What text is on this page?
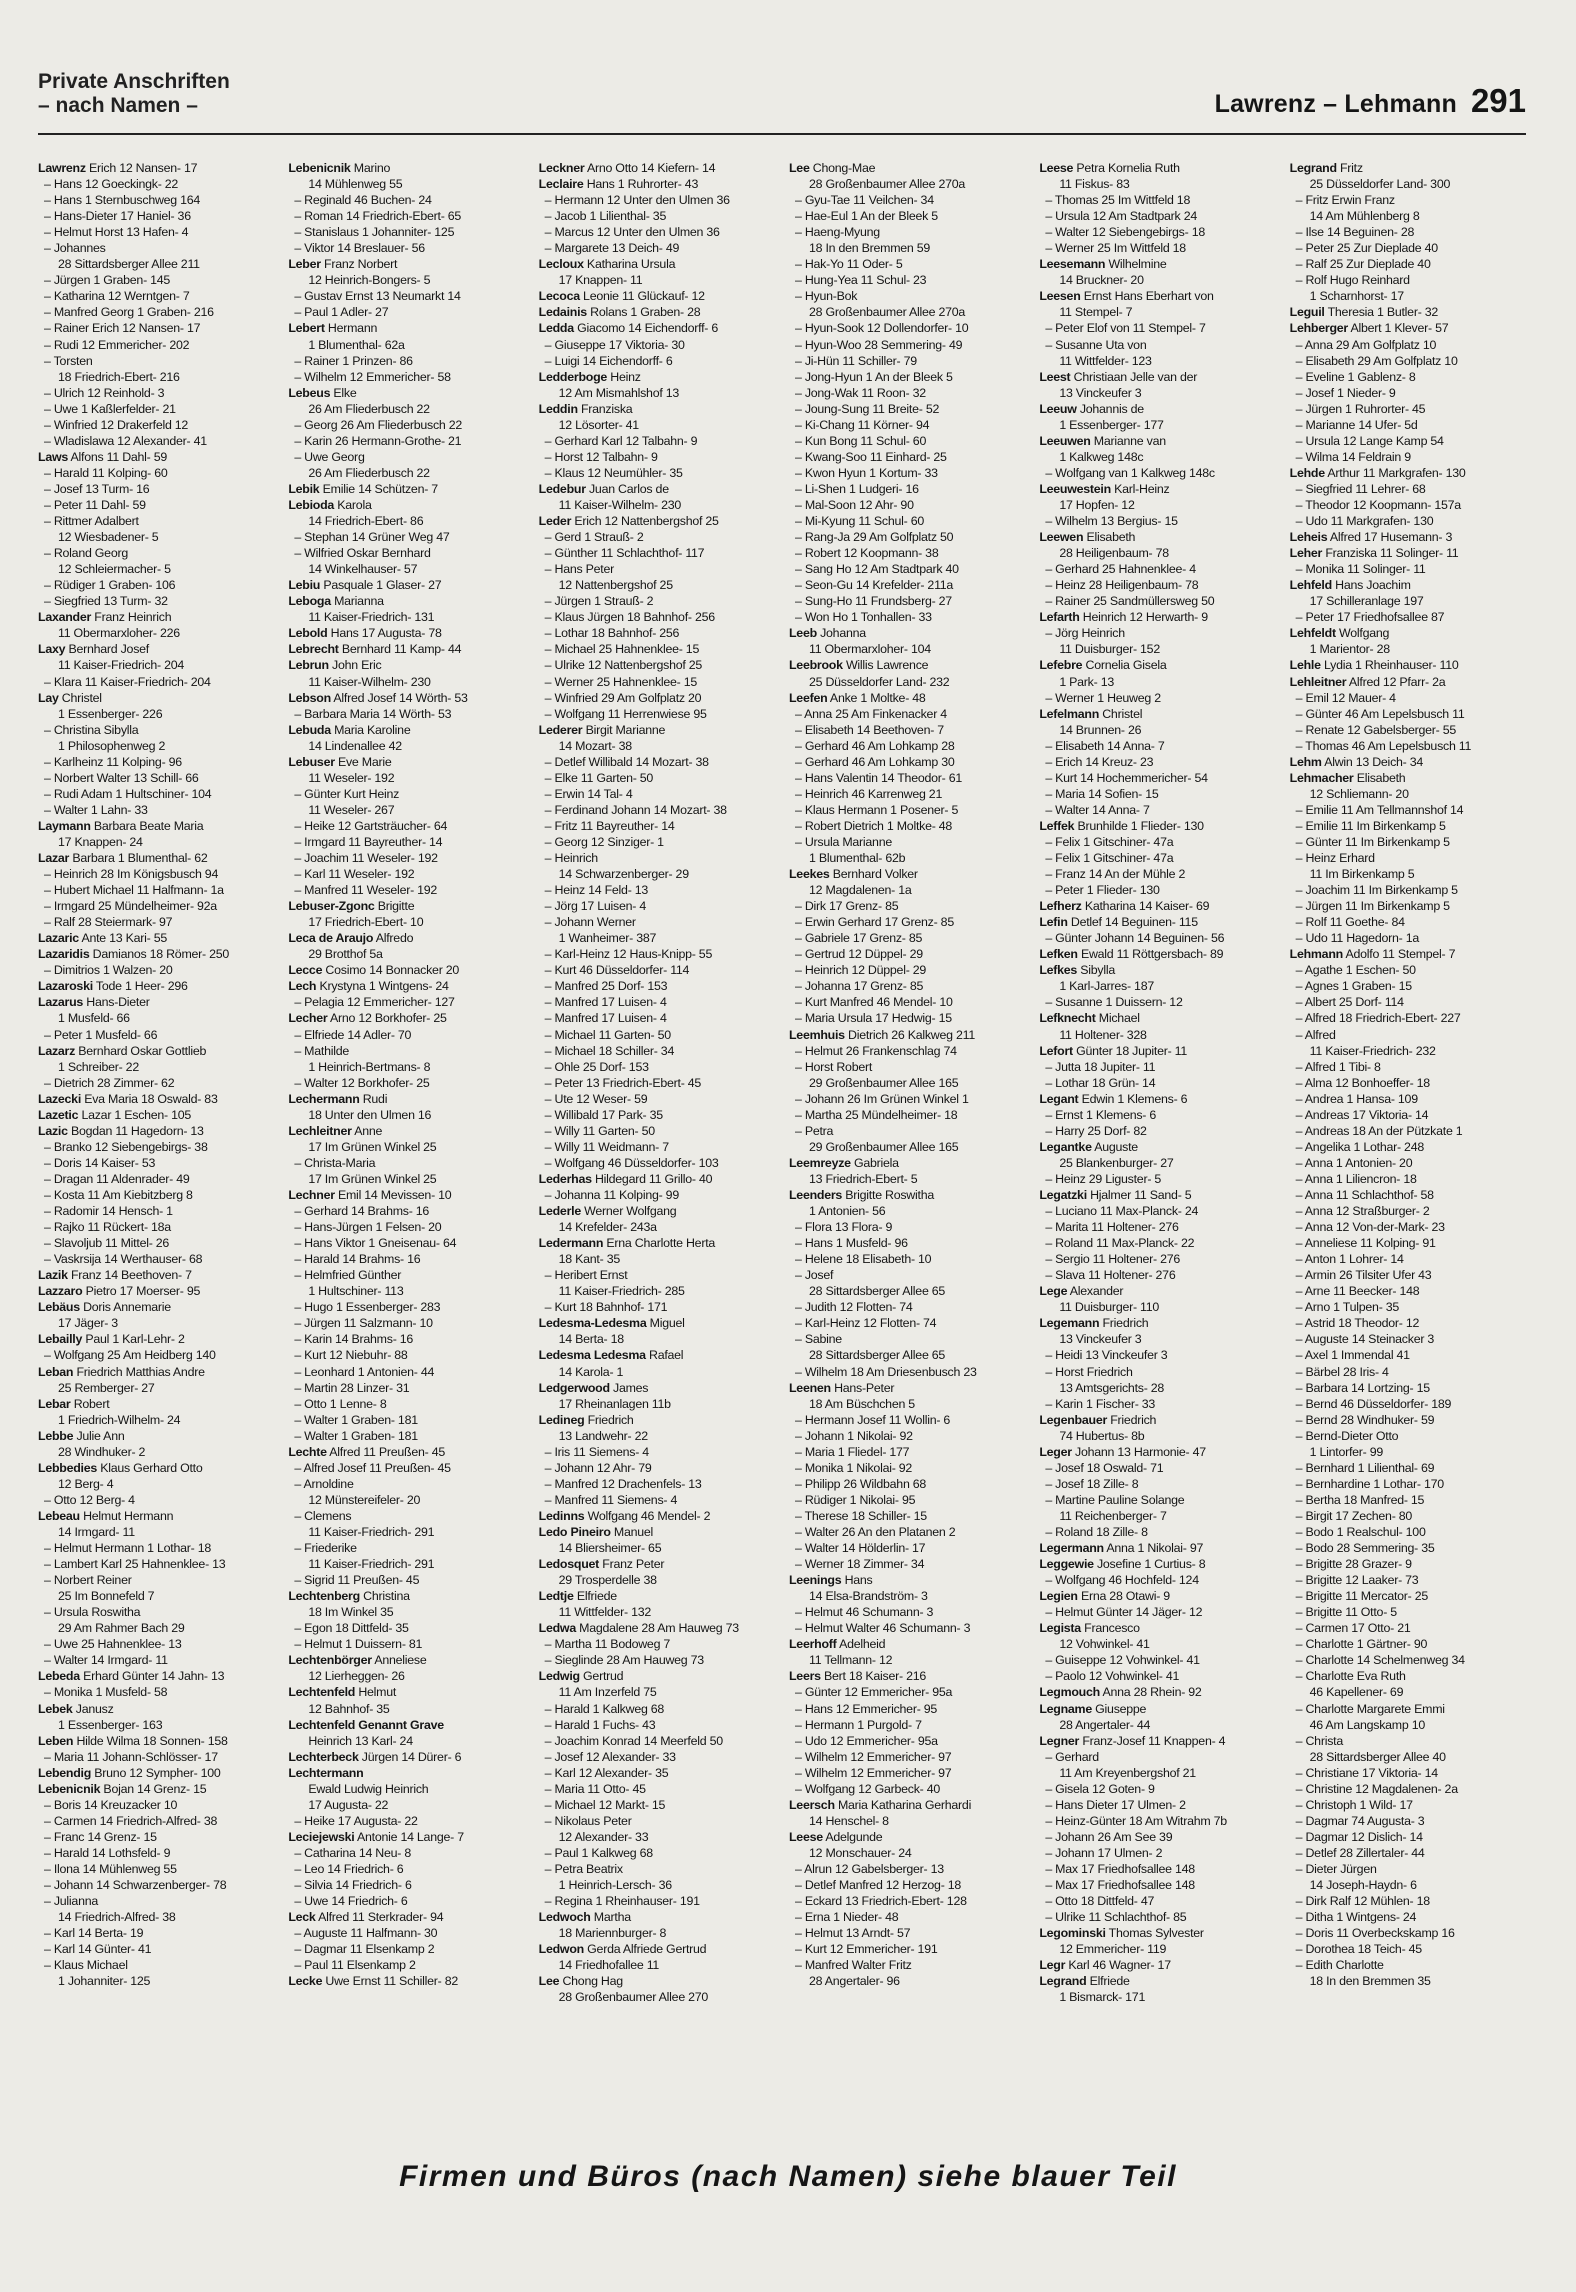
Private Anschriften
– nach Namen –	Lawrenz – Lehmann 291
Lawrenz Erich 12 Nansen- 17
– Hans 12 Goeckingk- 22
– Hans 1 Sternbuschweg 164
– Hans-Dieter 17 Haniel- 36
– Helmut Horst 13 Hafen- 4
– Johannes
28 Sittardsberger Allee 211
– Jürgen 1 Graben- 145
– Katharina 12 Werntgen- 7
– Manfred Georg 1 Graben- 216
– Rainer Erich 12 Nansen- 17
– Rudi 12 Emmericher- 202
– Torsten
18 Friedrich-Ebert- 216
– Ulrich 12 Reinhold- 3
– Uwe 1 Kaßlerfelder- 21
– Winfried 12 Drakerfeld 12
– Wladislawa 12 Alexander- 41
Laws Alfons 11 Dahl- 59
– Harald 11 Kolping- 60
– Josef 13 Turm- 16
– Peter 11 Dahl- 59
– Rittmer Adalbert
12 Wiesbadener- 5
– Roland Georg
12 Schleiermacher- 5
– Rüdiger 1 Graben- 106
– Siegfried 13 Turm- 32
Laxander Franz Heinrich
11 Obermarxloher- 226
Laxy Bernhard Josef
11 Kaiser-Friedrich- 204
– Klara 11 Kaiser-Friedrich- 204
Lay Christel
1 Essenberger- 226
– Christina Sibylla
1 Philosophenweg 2
– Karlheinz 11 Kolping- 96
– Norbert Walter 13 Schill- 66
– Rudi Adam 1 Hultschiner- 104
– Walter 1 Lahn- 33
Laymann Barbara Beate Maria
17 Knappen- 24
Lazar Barbara 1 Blumenthal- 62
– Heinrich 28 Im Königsbusch 94
– Hubert Michael 11 Halfmann- 1a
– Irmgard 25 Mündelheimer- 92a
– Ralf 28 Steiermark- 97
Lazaric Ante 13 Kari- 55
Lazaridis Damianos 18 Römer- 250
– Dimitrios 1 Walzen- 20
Lazaroski Tode 1 Heer- 296
Lazarus Hans-Dieter
1 Musfeld- 66
– Peter 1 Musfeld- 66
Lazarz Bernhard Oskar Gottlieb
1 Schreiber- 22
– Dietrich 28 Zimmer- 62
Lazecki Eva Maria 18 Oswald- 83
Lazetic Lazar 1 Eschen- 105
Lazic Bogdan 11 Hagedorn- 13
– Branko 12 Siebengebirgs- 38
– Doris 14 Kaiser- 53
– Dragan 11 Aldenrader- 49
– Kosta 11 Am Kiebitzberg 8
– Radomir 14 Hensch- 1
– Rajko 11 Rückert- 18a
– Slavoljub 11 Mittel- 26
– Vaskrsija 14 Werthauser- 68
Lazik Franz 14 Beethoven- 7
Lazzaro Pietro 17 Moerser- 95
Lebäus Doris Annemarie
17 Jäger- 3
Lebailly Paul 1 Karl-Lehr- 2
– Wolfgang 25 Am Heidberg 140
Leban Friedrich Matthias Andre
25 Remberger- 27
Lebar Robert
1 Friedrich-Wilhelm- 24
Lebbe Julie Ann
28 Windhuker- 2
Lebbedies Klaus Gerhard Otto
12 Berg- 4
– Otto 12 Berg- 4
Lebeau Helmut Hermann
14 Irmgard- 11
– Helmut Hermann 1 Lothar- 18
– Lambert Karl 25 Hahnenklee- 13
– Norbert Reiner
25 Im Bonnefeld 7
– Ursula Roswitha
29 Am Rahmer Bach 29
– Uwe 25 Hahnenklee- 13
– Walter 14 Irmgard- 11
Lebeda Erhard Günter 14 Jahn- 13
– Monika 1 Musfeld- 58
Lebek Janusz
1 Essenberger- 163
Leben Hilde Wilma 18 Sonnen- 158
– Maria 11 Johann-Schlösser- 17
Lebendig Bruno 12 Sympher- 100
Lebenicnik Bojan 14 Grenz- 15
– Boris 14 Kreuzacker 10
– Carmen 14 Friedrich-Alfred- 38
– Franc 14 Grenz- 15
– Harald 14 Lothsfeld- 9
– Ilona 14 Mühlenweg 55
– Johann 14 Schwarzenberger- 78
– Julianna
14 Friedrich-Alfred- 38
– Karl 14 Berta- 19
– Karl 14 Günter- 41
– Klaus Michael
1 Johanniter- 125
Lebenicnik Marino
14 Mühlenweg 55
– Reginald 46 Buchen- 24
– Roman 14 Friedrich-Ebert- 65
– Stanislaus 1 Johanniter- 125
– Viktor 14 Breslauer- 56
Leber Franz Norbert
12 Heinrich-Bongers- 5
– Gustav Ernst 13 Neumarkt 14
– Paul 1 Adler- 27
Lebert Hermann
1 Blumenthal- 62a
– Rainer 1 Prinzen- 86
– Wilhelm 12 Emmericher- 58
Lebeus Elke
26 Am Fliederbusch 22
– Georg 26 Am Fliederbusch 22
– Karin 26 Hermann-Grothe- 21
– Uwe Georg
26 Am Fliederbusch 22
Lebik Emilie 14 Schützen- 7
Lebioda Karola
14 Friedrich-Ebert- 86
– Stephan 14 Grüner Weg 47
– Wilfried Oskar Bernhard
14 Winkelhauser- 57
Lebiu Pasquale 1 Glaser- 27
Leboga Marianna
11 Kaiser-Friedrich- 131
Lebold Hans 17 Augusta- 78
Lebrecht Bernhard 11 Kamp- 44
Lebrun John Eric
11 Kaiser-Wilhelm- 230
Lebson Alfred Josef 14 Wörth- 53
– Barbara Maria 14 Wörth- 53
Lebuda Maria Karoline
14 Lindenallee 42
Lebuser Eve Marie
11 Weseler- 192
– Günter Kurt Heinz
11 Weseler- 267
– Heike 12 Gartsträucher- 64
– Irmgard 11 Bayreuther- 14
– Joachim 11 Weseler- 192
– Karl 11 Weseler- 192
– Manfred 11 Weseler- 192
Lebuser-Zgonc Brigitte
17 Friedrich-Ebert- 10
Leca de Araujo Alfredo
29 Brotthof 5a
Lecce Cosimo 14 Bonnacker 20
Lech Krystyna 1 Wintgens- 24
– Pelagia 12 Emmericher- 127
Lecher Arno 12 Borkhofer- 25
– Elfriede 14 Adler- 70
– Mathilde
1 Heinrich-Bertmans- 8
– Walter 12 Borkhofer- 25
Lechermann Rudi
18 Unter den Ulmen 16
Lechleitner Anne
17 Im Grünen Winkel 25
– Christa-Maria
17 Im Grünen Winkel 25
Lechner Emil 14 Mevissen- 10
– Gerhard 14 Brahms- 16
– Hans-Jürgen 1 Felsen- 20
– Hans Viktor 1 Gneisenau- 64
– Harald 14 Brahms- 16
– Helmfried Günther
1 Hultschiner- 113
– Hugo 1 Essenberger- 283
– Jürgen 11 Salzmann- 10
– Karin 14 Brahms- 16
– Kurt 12 Niebuhr- 88
– Leonhard 1 Antonien- 44
– Martin 28 Linzer- 31
– Otto 1 Lenne- 8
– Walter 1 Graben- 181
– Walter 1 Graben- 181
Lechte Alfred 11 Preußen- 45
– Alfred Josef 11 Preußen- 45
– Arnoldine
12 Münstereifeler- 20
– Clemens
11 Kaiser-Friedrich- 291
– Friederike
11 Kaiser-Friedrich- 291
– Sigrid 11 Preußen- 45
Lechtenberg Christina
18 Im Winkel 35
– Egon 18 Dittfeld- 35
– Helmut 1 Duissern- 81
Lechtenbörger Anneliese
12 Lierheggen- 26
Lechtenfeld Helmut
12 Bahnhof- 35
Lechtenfeld Genannt Grave
Heinrich 13 Karl- 24
Lechterbeck Jürgen 14 Dürer- 6
Lechtermann
Ewald Ludwig Heinrich
17 Augusta- 22
– Heike 17 Augusta- 22
Leciejewski Antonie 14 Lange- 7
– Catharina 14 Neu- 8
– Leo 14 Friedrich- 6
– Silvia 14 Friedrich- 6
– Uwe 14 Friedrich- 6
Leck Alfred 11 Sterkrader- 94
– Auguste 11 Halfmann- 30
– Dagmar 11 Elsenkamp 2
– Paul 11 Elsenkamp 2
Lecke Uwe Ernst 11 Schiller- 82
Leckner Arno Otto 14 Kiefern- 14
Leclaire Hans 1 Ruhrorter- 43
– Hermann 12 Unter den Ulmen 36
– Jacob 1 Lilienthal- 35
– Marcus 12 Unter den Ulmen 36
– Margarete 13 Deich- 49
Lecloux Katharina Ursula
17 Knappen- 11
Lecoca Leonie 11 Glückauf- 12
Ledainis Rolans 1 Graben- 28
Ledda Giacomo 14 Eichendorff- 6
– Giuseppe 17 Viktoria- 30
– Luigi 14 Eichendorff- 6
Ledderboge Heinz
12 Am Mismahlshof 13
Leddin Franziska
12 Lösorter- 41
– Gerhard Karl 12 Talbahn- 9
– Horst 12 Talbahn- 9
– Klaus 12 Neumühler- 35
Ledebur Juan Carlos de
11 Kaiser-Wilhelm- 230
Leder Erich 12 Nattenbergshof 25
– Gerd 1 Strauß- 2
– Günther 11 Schlachthof- 117
– Hans Peter
12 Nattenbergshof 25
– Jürgen 1 Strauß- 2
– Klaus Jürgen 18 Bahnhof- 256
– Lothar 18 Bahnhof- 256
– Michael 25 Hahnenklee- 15
– Ulrike 12 Nattenbergshof 25
– Werner 25 Hahnenklee- 15
– Winfried 29 Am Golfplatz 20
– Wolfgang 11 Herrenwiese 95
Lederer Birgit Marianne
14 Mozart- 38
– Detlef Willibald 14 Mozart- 38
– Elke 11 Garten- 50
– Erwin 14 Tal- 4
– Ferdinand Johann 14 Mozart- 38
– Fritz 11 Bayreuther- 14
– Georg 12 Sinziger- 1
– Heinrich
14 Schwarzenberger- 29
– Heinz 14 Feld- 13
– Jörg 17 Luisen- 4
– Johann Werner
1 Wanheimer- 387
– Karl-Heinz 12 Haus-Knipp- 55
– Kurt 46 Düsseldorfer- 114
– Manfred 25 Dorf- 153
– Manfred 17 Luisen- 4
– Manfred 17 Luisen- 4
– Michael 11 Garten- 50
– Michael 18 Schiller- 34
– Ohle 25 Dorf- 153
– Peter 13 Friedrich-Ebert- 45
– Ute 12 Weser- 59
– Willibald 17 Park- 35
– Willy 11 Garten- 50
– Willy 11 Weidmann- 7
– Wolfgang 46 Düsseldorfer- 103
Lederhas Hildegard 11 Grillo- 40
– Johanna 11 Kolping- 99
Lederle Werner Wolfgang
14 Krefelder- 243a
Ledermann Erna Charlotte Herta
18 Kant- 35
– Heribert Ernst
11 Kaiser-Friedrich- 285
– Kurt 18 Bahnhof- 171
Ledesma-Ledesma Miguel
14 Berta- 18
Ledesma Ledesma Rafael
14 Karola- 1
Ledgerwood James
17 Rheinanlagen 11b
Ledineg Friedrich
13 Landwehr- 22
– Iris 11 Siemens- 4
– Johann 12 Ahr- 79
– Manfred 12 Drachenfels- 13
– Manfred 11 Siemens- 4
Ledinns Wolfgang 46 Mendel- 2
Ledo Pineiro Manuel
14 Bliersheimer- 65
Ledosquet Franz Peter
29 Trosperdelle 38
Ledtje Elfriede
11 Wittfelder- 132
Ledwa Magdalene 28 Am Hauweg 73
– Martha 11 Bodoweg 7
– Sieglinde 28 Am Hauweg 73
Ledwig Gertrud
11 Am Inzerfeld 75
– Harald 1 Kalkweg 68
– Harald 1 Fuchs- 43
– Joachim Konrad 14 Meerfeld 50
– Josef 12 Alexander- 33
– Karl 12 Alexander- 35
– Maria 11 Otto- 45
– Michael 12 Markt- 15
– Nikolaus Peter
12 Alexander- 33
– Paul 1 Kalkweg 68
– Petra Beatrix
1 Heinrich-Lersch- 36
– Regina 1 Rheinhauser- 191
Ledwoch Martha
18 Mariennburger- 8
Ledwon Gerda Alfriede Gertrud
14 Friedhofallee 11
Lee Chong Hag
28 Großenbaumer Allee 270
Lee Chong-Mae
28 Großenbaumer Allee 270a
– Gyu-Tae 11 Veilchen- 34
– Hae-Eul 1 An der Bleek 5
– Haeng-Myung
18 In den Bremmen 59
– Hak-Yo 11 Oder- 5
– Hung-Yea 11 Schul- 23
– Hyun-Bok
28 Großenbaumer Allee 270a
– Hyun-Sook 12 Dollendorfer- 10
– Hyun-Woo 28 Semmering- 49
– Ji-Hün 11 Schiller- 79
– Jong-Hyun 1 An der Bleek 5
– Jong-Wak 11 Roon- 32
– Joung-Sung 11 Breite- 52
– Ki-Chang 11 Körner- 94
– Kun Bong 11 Schul- 60
– Kwang-Soo 11 Einhard- 25
– Kwon Hyun 1 Kortum- 33
– Li-Shen 1 Ludgeri- 16
– Mal-Soon 12 Ahr- 90
– Mi-Kyung 11 Schul- 60
– Rang-Ja 29 Am Golfplatz 50
– Robert 12 Koopmann- 38
– Sang Ho 12 Am Stadtpark 40
– Seon-Gu 14 Krefelder- 211a
– Sung-Ho 11 Frundsberg- 27
– Won Ho 1 Tonhallen- 33
Leeb Johanna
11 Obermarxloher- 104
Leebrook Willis Lawrence
25 Düsseldorfer Land- 232
Leefen Anke 1 Moltke- 48
– Anna 25 Am Finkenacker 4
– Elisabeth 14 Beethoven- 7
– Gerhard 46 Am Lohkamp 28
– Gerhard 46 Am Lohkamp 30
– Hans Valentin 14 Theodor- 61
– Heinrich 46 Karrenweg 21
– Klaus Hermann 1 Posener- 5
– Robert Dietrich 1 Moltke- 48
– Ursula Marianne
1 Blumenthal- 62b
Leekes Bernhard Volker
12 Magdalenen- 1a
– Dirk 17 Grenz- 85
– Erwin Gerhard 17 Grenz- 85
– Gabriele 17 Grenz- 85
– Gertrud 12 Düppel- 29
– Heinrich 12 Düppel- 29
– Johanna 17 Grenz- 85
– Kurt Manfred 46 Mendel- 10
– Maria Ursula 17 Hedwig- 15
Leemhuis Dietrich 26 Kalkweg 211
– Helmut 26 Frankenschlag 74
– Horst Robert
29 Großenbaumer Allee 165
– Johann 26 Im Grünen Winkel 1
– Martha 25 Mündelheimer- 18
– Petra
29 Großenbaumer Allee 165
Leemreyze Gabriela
13 Friedrich-Ebert- 5
Leenders Brigitte Roswitha
1 Antonien- 56
– Flora 13 Flora- 9
– Hans 1 Musfeld- 96
– Helene 18 Elisabeth- 10
– Josef
28 Sittardsberger Allee 65
– Judith 12 Flotten- 74
– Karl-Heinz 12 Flotten- 74
– Sabine
28 Sittardsberger Allee 65
– Wilhelm 18 Am Driesenbusch 23
Leenen Hans-Peter
18 Am Büschchen 5
– Hermann Josef 11 Wollin- 6
– Johann 1 Nikolai- 92
– Maria 1 Fliedel- 177
– Monika 1 Nikolai- 92
– Philipp 26 Wildbahn 68
– Rüdiger 1 Nikolai- 95
– Therese 18 Schiller- 15
– Walter 26 An den Platanen 2
– Walter 14 Hölderlin- 17
– Werner 18 Zimmer- 34
Leenings Hans
14 Elsa-Brandström- 3
– Helmut 46 Schumann- 3
– Helmut Walter 46 Schumann- 3
Leerhoff Adelheid
11 Tellmann- 12
Leers Bert 18 Kaiser- 216
– Günter 12 Emmericher- 95a
– Hans 12 Emmericher- 95
– Hermann 1 Purgold- 7
– Udo 12 Emmericher- 95a
– Wilhelm 12 Emmericher- 97
– Wilhelm 12 Emmericher- 97
– Wolfgang 12 Garbeck- 40
Leersch Maria Katharina Gerhardi
14 Henschel- 8
Leese Adelgunde
12 Monschauer- 24
– Alrun 12 Gabelsberger- 13
– Detlef Manfred 12 Herzog- 18
– Eckard 13 Friedrich-Ebert- 128
– Erna 1 Nieder- 48
– Helmut 13 Arndt- 57
– Kurt 12 Emmericher- 191
– Manfred Walter Fritz
28 Angertaler- 96
Leese Petra Kornelia Ruth
11 Fiskus- 83
– Thomas 25 Im Wittfeld 18
– Ursula 12 Am Stadtpark 24
– Walter 12 Siebengebirgs- 18
– Werner 25 Im Wittfeld 18
Leesemann Wilhelmine
14 Bruckner- 20
Leesen Ernst Hans Eberhart von
11 Stempel- 7
– Peter Elof von 11 Stempel- 7
– Susanne Uta von
11 Wittfelder- 123
Leest Christiaan Jelle van der
13 Vinckeufer 3
Leeuw Johannis de
1 Essenberger- 177
Leeuwen Marianne van
1 Kalkweg 148c
– Wolfgang van 1 Kalkweg 148c
Leeuwestein Karl-Heinz
17 Hopfen- 12
– Wilhelm 13 Bergius- 15
Leewen Elisabeth
28 Heiligenbaum- 78
– Gerhard 25 Hahnenklee- 4
– Heinz 28 Heiligenbaum- 78
– Rainer 25 Sandmüllersweg 50
Lefarth Heinrich 12 Herwarth- 9
– Jörg Heinrich
11 Duisburger- 152
Lefebre Cornelia Gisela
1 Park- 13
– Werner 1 Heuweg 2
Lefelmann Christel
14 Brunnen- 26
– Elisabeth 14 Anna- 7
– Erich 14 Kreuz- 23
– Kurt 14 Hochemmericher- 54
– Maria 14 Sofien- 15
– Walter 14 Anna- 7
Leffek Brunhilde 1 Flieder- 130
– Felix 1 Gitschiner- 47a
– Felix 1 Gitschiner- 47a
– Franz 14 An der Mühle 2
– Peter 1 Flieder- 130
Lefherz Katharina 14 Kaiser- 69
Lefin Detlef 14 Beguinen- 115
– Günter Johann 14 Beguinen- 56
Lefken Ewald 11 Röttgersbach- 89
Lefkes Sibylla
1 Karl-Jarres- 187
– Susanne 1 Duissern- 12
Lefknecht Michael
11 Holtener- 328
Lefort Günter 18 Jupiter- 11
– Jutta 18 Jupiter- 11
– Lothar 18 Grün- 14
Legant Edwin 1 Klemens- 6
– Ernst 1 Klemens- 6
– Harry 25 Dorf- 82
Legantke Auguste
25 Blankenburger- 27
– Heinz 29 Liguster- 5
Legatzki Hjalmer 11 Sand- 5
– Luciano 11 Max-Planck- 24
– Marita 11 Holtener- 276
– Roland 11 Max-Planck- 22
– Sergio 11 Holtener- 276
– Slava 11 Holtener- 276
Lege Alexander
11 Duisburger- 110
Legemann Friedrich
13 Vinckeufer 3
– Heidi 13 Vinckeufer 3
– Horst Friedrich
13 Amtsgerichts- 28
– Karin 1 Fischer- 33
Legenbauer Friedrich
74 Hubertus- 8b
Leger Johann 13 Harmonie- 47
– Josef 18 Oswald- 71
– Josef 18 Zille- 8
– Martine Pauline Solange
11 Reichenberger- 7
– Roland 18 Zille- 8
Legermann Anna 1 Nikolai- 97
Leggewie Josefine 1 Curtius- 8
– Wolfgang 46 Hochfeld- 124
Legien Erna 28 Otawi- 9
– Helmut Günter 14 Jäger- 12
Legista Francesco
12 Vohwinkel- 41
– Guiseppe 12 Vohwinkel- 41
– Paolo 12 Vohwinkel- 41
Legmouch Anna 28 Rhein- 92
Legname Giuseppe
28 Angertaler- 44
Legner Franz-Josef 11 Knappen- 4
– Gerhard
11 Am Kreyenbergshof 21
– Gisela 12 Goten- 9
– Hans Dieter 17 Ulmen- 2
– Heinz-Günter 18 Am Witrahm 7b
– Johann 26 Am See 39
– Johann 17 Ulmen- 2
– Max 17 Friedhofsallee 148
– Max 17 Friedhofsallee 148
– Otto 18 Dittfeld- 47
– Ulrike 11 Schlachthof- 85
Legominski Thomas Sylvester
12 Emmericher- 119
Legr Karl 46 Wagner- 17
Legrand Elfriede
1 Bismarck- 171
Legrand Fritz
25 Düsseldorfer Land- 300
– Fritz Erwin Franz
14 Am Mühlenberg 8
– Ilse 14 Beguinen- 28
– Peter 25 Zur Dieplade 40
– Ralf 25 Zur Dieplade 40
– Rolf Hugo Reinhard
1 Scharnhorst- 17
Leguil Theresia 1 Butler- 32
Lehberger Albert 1 Klever- 57
– Anna 29 Am Golfplatz 10
– Elisabeth 29 Am Golfplatz 10
– Eveline 1 Gablenz- 8
– Josef 1 Nieder- 9
– Jürgen 1 Ruhrorter- 45
– Marianne 14 Ufer- 5d
– Ursula 12 Lange Kamp 54
– Wilma 14 Feldrain 9
Lehde Arthur 11 Markgrafen- 130
– Siegfried 11 Lehrer- 68
– Theodor 12 Koopmann- 157a
– Udo 11 Markgrafen- 130
Leheis Alfred 17 Husemann- 3
Leher Franziska 11 Solinger- 11
– Monika 11 Solinger- 11
Lehfeld Hans Joachim
17 Schilleranlage 197
– Peter 17 Friedhofsallee 87
Lehfeldt Wolfgang
1 Marientor- 28
Lehle Lydia 1 Rheinhauser- 110
Lehleitner Alfred 12 Pfarr- 2a
– Emil 12 Mauer- 4
– Günter 46 Am Lepelsbusch 11
– Renate 12 Gabelsberger- 55
– Thomas 46 Am Lepelsbusch 11
Lehm Alwin 13 Deich- 34
Lehmacher Elisabeth
12 Schliemann- 20
– Emilie 11 Am Tellmannshof 14
– Emilie 11 Im Birkenkamp 5
– Günter 11 Im Birkenkamp 5
– Heinz Erhard
11 Im Birkenkamp 5
– Joachim 11 Im Birkenkamp 5
– Jürgen 11 Im Birkenkamp 5
– Rolf 11 Goethe- 84
– Udo 11 Hagedorn- 1a
Lehmann Adolfo 11 Stempel- 7
– Agathe 1 Eschen- 50
– Agnes 1 Graben- 15
– Albert 25 Dorf- 114
– Alfred 18 Friedrich-Ebert- 227
– Alfred
11 Kaiser-Friedrich- 232
– Alfred 1 Tibi- 8
– Alma 12 Bonhoeffer- 18
– Andrea 1 Hansa- 109
– Andreas 17 Viktoria- 14
– Andreas 18 An der Pützkate 1
– Angelika 1 Lothar- 248
– Anna 1 Antonien- 20
– Anna 1 Liliencron- 18
– Anna 11 Schlachthof- 58
– Anna 12 Straßburger- 2
– Anna 12 Von-der-Mark- 23
– Anneliese 11 Kolping- 91
– Anton 1 Lohrer- 14
– Armin 26 Tilsiter Ufer 43
– Arne 11 Beecker- 148
– Arno 1 Tulpen- 35
– Astrid 18 Theodor- 12
– Auguste 14 Steinacker 3
– Axel 1 Immendal 41
– Bärbel 28 Iris- 4
– Barbara 14 Lortzing- 15
– Bernd 46 Düsseldorfer- 189
– Bernd 28 Windhuker- 59
– Bernd-Dieter Otto
1 Lintorfer- 99
– Bernhard 1 Lilienthal- 69
– Bernhardine 1 Lothar- 170
– Bertha 18 Manfred- 15
– Birgit 17 Zechen- 80
– Bodo 1 Realschul- 100
– Bodo 28 Semmering- 35
– Brigitte 28 Grazer- 9
– Brigitte 12 Laaker- 73
– Brigitte 11 Mercator- 25
– Brigitte 11 Otto- 5
– Carmen 17 Otto- 21
– Charlotte 1 Gärtner- 90
– Charlotte 14 Schelmenweg 34
– Charlotte Eva Ruth
46 Kapellener- 69
– Charlotte Margarete Emmi
46 Am Langskamp 10
– Christa
28 Sittardsberger Allee 40
– Christiane 17 Viktoria- 14
– Christine 12 Magdalenen- 2a
– Christoph 1 Wild- 17
– Dagmar 74 Augusta- 3
– Dagmar 12 Dislich- 14
– Detlef 28 Zillertaler- 44
– Dieter Jürgen
14 Joseph-Haydn- 6
– Dirk Ralf 12 Mühlen- 18
– Ditha 1 Wintgens- 24
– Doris 11 Overbeckskamp 16
– Dorothea 18 Teich- 45
– Edith Charlotte
18 In den Bremmen 35
Firmen und Büros (nach Namen) siehe blauer Teil
